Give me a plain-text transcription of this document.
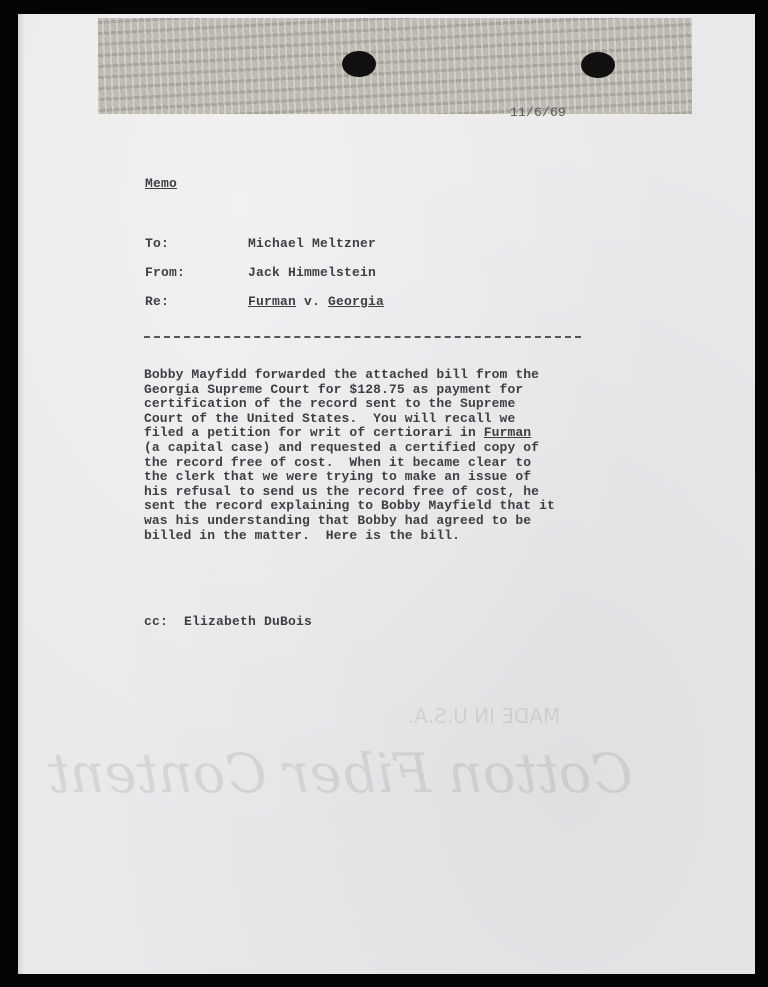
11/6/69
Memo
To:	Michael Meltzner
From:	Jack Himmelstein
Re:	Furman v. Georgia
Bobby Mayfidd forwarded the attached bill from the
Georgia Supreme Court for $128.75 as payment for
certification of the record sent to the Supreme
Court of the United States.  You will recall we
filed a petition for writ of certiorari in Furman
(a capital case) and requested a certified copy of
the record free of cost.  When it became clear to
the clerk that we were trying to make an issue of
his refusal to send us the record free of cost, he
sent the record explaining to Bobby Mayfield that it
was his understanding that Bobby had agreed to be
billed in the matter.  Here is the bill.
cc: Elizabeth DuBois
MADE IN U.S.A.
Cotton Fiber Content
